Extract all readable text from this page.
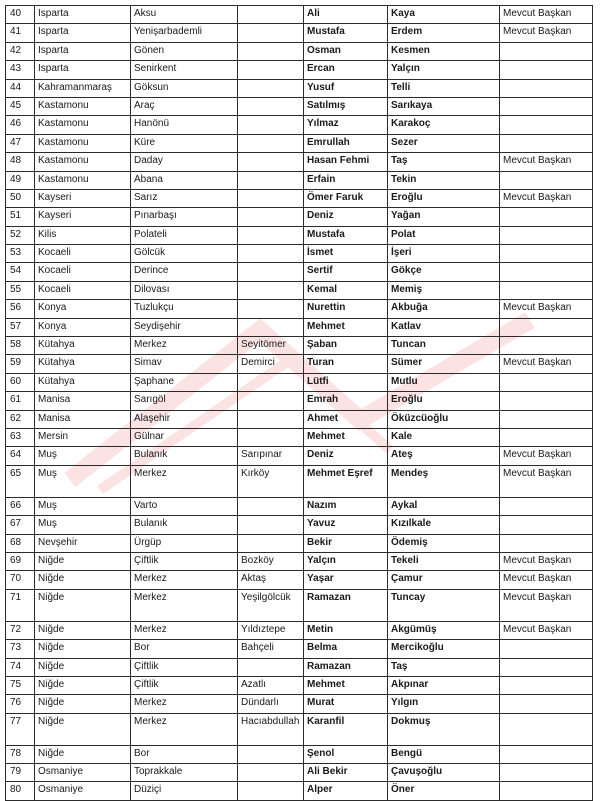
40	Isparta	Aksu		Ali	Kaya	Mevcut Başkan
41	Isparta	Yenişarbademli		Mustafa	Erdem	Mevcut Başkan
42	Isparta	Gönen		Osman	Kesmen	
43	Isparta	Senirkent		Ercan	Yalçın	
44	Kahramanmaraş	Göksun		Yusuf	Telli	
45	Kastamonu	Araç		Satılmış	Sarıkaya	
46	Kastamonu	Hanönü		Yılmaz	Karakoç	
47	Kastamonu	Küre		Emrullah	Sezer	
48	Kastamonu	Daday		Hasan Fehmi	Taş	Mevcut Başkan
49	Kastamonu	Abana		Erfain	Tekin	
50	Kayseri	Sarız		Ömer Faruk	Eroğlu	Mevcut Başkan
51	Kayseri	Pınarbaşı		Deniz	Yağan	
52	Kilis	Polateli		Mustafa	Polat	
53	Kocaeli	Gölcük		İsmet	İşeri	
54	Kocaeli	Derince		Sertif	Gökçe	
55	Kocaeli	Dilovası		Kemal	Memiş	
56	Konya	Tuzlukçu		Nurettin	Akbuğa	Mevcut Başkan
57	Konya	Seydişehir		Mehmet	Katlav	
58	Kütahya	Merkez	Seyitömer	Şaban	Tuncan	
59	Kütahya	Simav	Demirci	Turan	Sümer	Mevcut Başkan
60	Kütahya	Şaphane		Lütfi	Mutlu	
61	Manisa	Sarıgöl		Emrah	Eroğlu	
62	Manisa	Alaşehir		Ahmet	Öküzcüoğlu	
63	Mersin	Gülnar		Mehmet	Kale	
64	Muş	Bulanık	Sarıpınar	Deniz	Ateş	Mevcut Başkan
65	Muş	Merkez	Kırköy	Mehmet Eşref	Mendeş	Mevcut Başkan
66	Muş	Varto		Nazım	Aykal	
67	Muş	Bulanık		Yavuz	Kızılkale	
68	Nevşehir	Ürgüp		Bekir	Ödemiş	
69	Niğde	Çiftlik	Bozköy	Yalçın	Tekeli	Mevcut Başkan
70	Niğde	Merkez	Aktaş	Yaşar	Çamur	Mevcut Başkan
71	Niğde	Merkez	Yeşilgölcük	Ramazan	Tuncay	Mevcut Başkan
72	Niğde	Merkez	Yıldıztepe	Metin	Akgümüş	Mevcut Başkan
73	Niğde	Bor	Bahçeli	Belma	Mercikoğlu	
74	Niğde	Çiftlik		Ramazan	Taş	
75	Niğde	Çiftlik	Azatlı	Mehmet	Akpınar	
76	Niğde	Merkez	Dündarlı	Murat	Yılgın	
77	Niğde	Merkez	Hacıabdullah	Karanfil	Dokmuş	
78	Niğde	Bor		Şenol	Bengü	
79	Osmaniye	Toprakkale		Ali Bekir	Çavuşoğlu	
80	Osmaniye	Düziçi		Alper	Öner	
